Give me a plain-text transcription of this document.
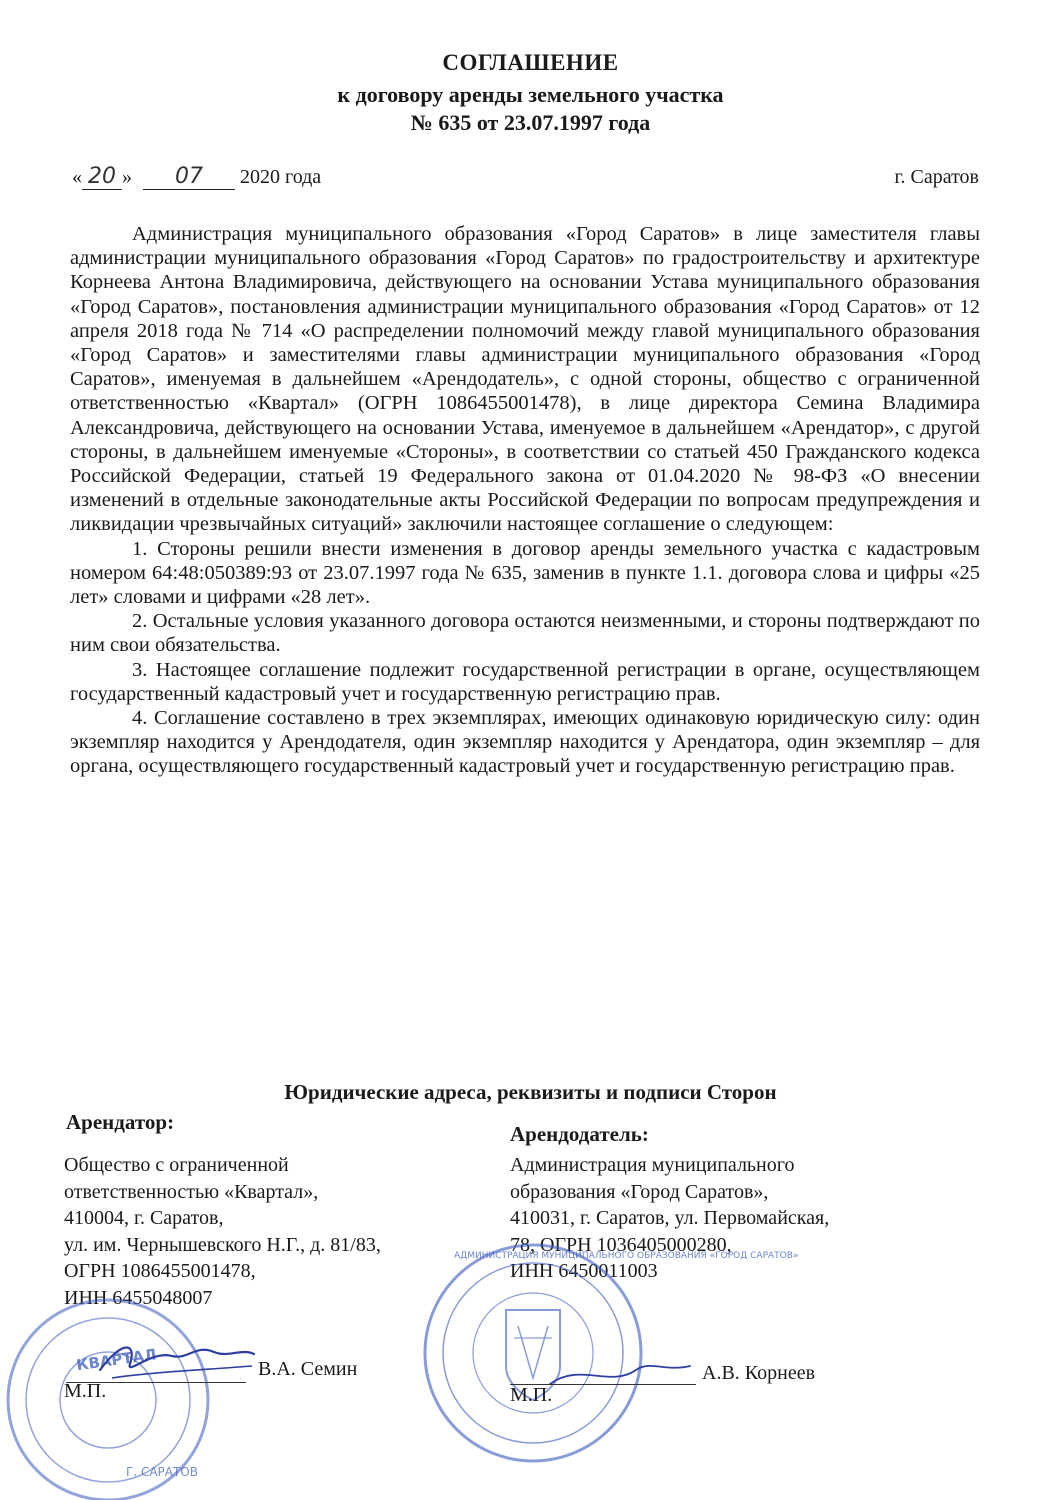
СОГЛАШЕНИЕ
к договору аренды земельного участка
№ 635 от 23.07.1997 года
« 20 » 07 2020 года	г. Саратов

Администрация муниципального образования «Город Саратов» в лице заместителя главы администрации муниципального образования «Город Саратов» по градостроительству и архитектуре Корнеева Антона Владимировича, действующего на основании Устава муниципального образования «Город Саратов», постановления администрации муниципального образования «Город Саратов» от 12 апреля 2018 года № 714 «О распределении полномочий между главой муниципального образования «Город Саратов» и заместителями главы администрации муниципального образования «Город Саратов», именуемая в дальнейшем «Арендодатель», с одной стороны, общество с ограниченной ответственностью «Квартал» (ОГРН 1086455001478), в лице директора Семина Владимира Александровича, действующего на основании Устава, именуемое в дальнейшем «Арендатор», с другой стороны, в дальнейшем именуемые «Стороны», в соответствии со статьей 450 Гражданского кодекса Российской Федерации, статьей 19 Федерального закона от 01.04.2020 № 98-ФЗ «О внесении изменений в отдельные законодательные акты Российской Федерации по вопросам предупреждения и ликвидации чрезвычайных ситуаций» заключили настоящее соглашение о следующем:

1. Стороны решили внести изменения в договор аренды земельного участка с кадастровым номером 64:48:050389:93 от 23.07.1997 года № 635, заменив в пункте 1.1. договора слова и цифры «25 лет» словами и цифрами «28 лет».

2. Остальные условия указанного договора остаются неизменными, и стороны подтверждают по ним свои обязательства.

3. Настоящее соглашение подлежит государственной регистрации в органе, осуществляющем государственный кадастровый учет и государственную регистрацию прав.

4. Соглашение составлено в трех экземплярах, имеющих одинаковую юридическую силу: один экземпляр находится у Арендодателя, один экземпляр находится у Арендатора, один экземпляр – для органа, осуществляющего государственный кадастровый учет и государственную регистрацию прав.

Юридические адреса, реквизиты и подписи Сторон
Арендатор:	Арендодатель:
Общество с ограниченной
ответственностью «Квартал»,
410004, г. Саратов,
ул. им. Чернышевского Н.Г., д. 81/83,
ОГРН 1086455001478,
ИНН 6455048007
Администрация муниципального
образования «Город Саратов»,
410031, г. Саратов, ул. Первомайская,
78, ОГРН 1036405000280,
ИНН 6450011003
КВАРТАЛ
Г. САРАТОВ
В.А. Семин
М.П.
АДМИНИСТРАЦИЯ МУНИЦИПАЛЬНОГО ОБРАЗОВАНИЯ «ГОРОД САРАТОВ»
А.В. Корнеев
М.П.
